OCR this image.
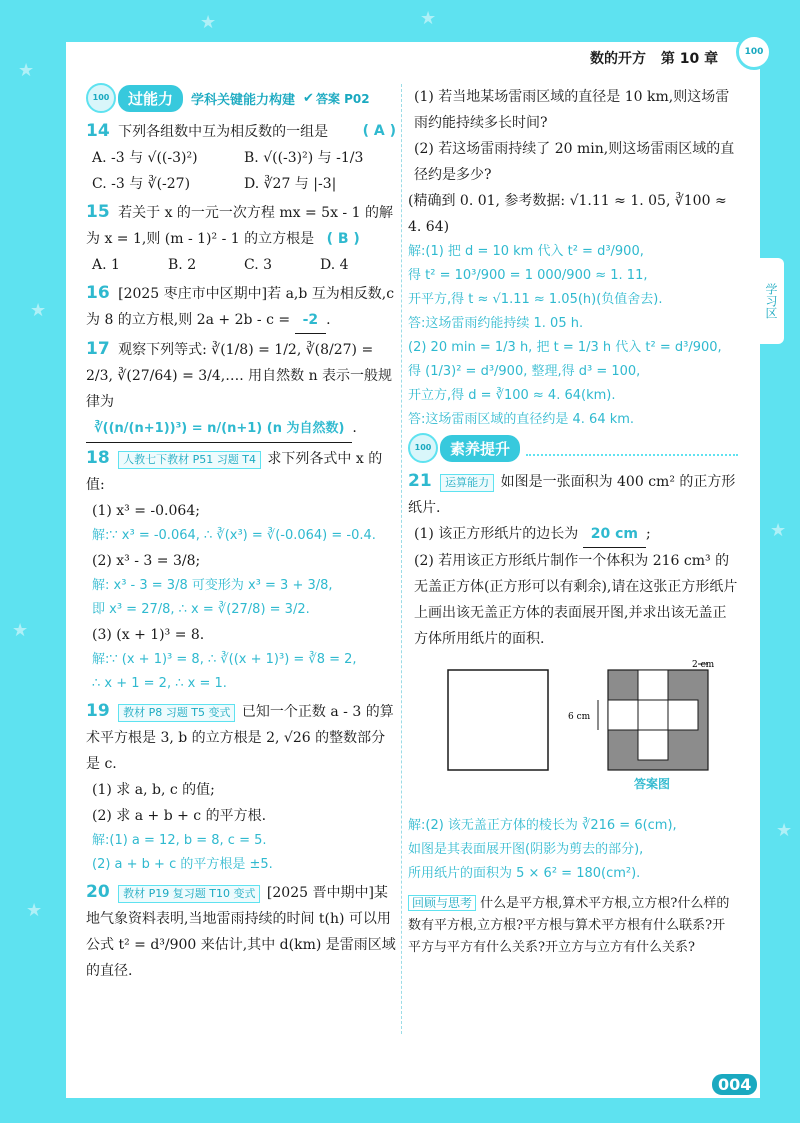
★
★
★
★
★	★
★
★
数的开方 第 10 章	100
学习区
100	过能力	学科关键能力构建 ✔ 答案 P02
14 下列各组数中互为相反数的一组是 ( A )
A. -3 与 √((-3)²)	B. √((-3)²) 与 -1/3
C. -3 与 ∛(-27)	D. ∛27 与 |-3|
15 若关于 x 的一元一次方程 mx = 5x - 1 的解为 x = 1,则 (m - 1)² - 1 的立方根是 ( B )
A. 1	B. 2	C. 3	D. 4
16 [2025 枣庄市中区期中]若 a,b 互为相反数,c 为 8 的立方根,则 2a + 2b - c = -2 .
17 观察下列等式: ∛(1/8) = 1/2, ∛(8/27) = 2/3, ∛(27/64) = 3/4,…. 用自然数 n 表示一般规律为
∛((n/(n+1))³) = n/(n+1) (n 为自然数) .
18 人教七下教材 P51 习题 T4 求下列各式中 x 的值:
(1) x³ = -0.064;
解:∵ x³ = -0.064, ∴ ∛(x³) = ∛(-0.064) = -0.4.
(2) x³ - 3 = 3/8;
解: x³ - 3 = 3/8 可变形为 x³ = 3 + 3/8,
即 x³ = 27/8, ∴ x = ∛(27/8) = 3/2.
(3) (x + 1)³ = 8.
解:∵ (x + 1)³ = 8, ∴ ∛((x + 1)³) = ∛8 = 2,
∴ x + 1 = 2, ∴ x = 1.
19 教材 P8 习题 T5 变式 已知一个正数 a - 3 的算术平方根是 3, b 的立方根是 2, √26 的整数部分是 c.
(1) 求 a, b, c 的值;
(2) 求 a + b + c 的平方根.
解:(1) a = 12, b = 8, c = 5.
(2) a + b + c 的平方根是 ±5.
20 教材 P19 复习题 T10 变式 [2025 晋中期中]某地气象资料表明,当地雷雨持续的时间 t(h) 可以用公式 t² = d³/900 来估计,其中 d(km) 是雷雨区域的直径.
(1) 若当地某场雷雨区域的直径是 10 km,则这场雷雨约能持续多长时间?
(2) 若这场雷雨持续了 20 min,则这场雷雨区域的直径约是多少?
(精确到 0. 01, 参考数据: √1.11 ≈ 1. 05, ∛100 ≈ 4. 64)
解:(1) 把 d = 10 km 代入 t² = d³/900,
得 t² = 10³/900 = 1 000/900 ≈ 1. 11,
开平方,得 t ≈ √1.11 ≈ 1.05(h)(负值舍去).
答:这场雷雨约能持续 1. 05 h.
(2) 20 min = 1/3 h, 把 t = 1/3 h 代入 t² = d³/900,
得 (1/3)² = d³/900, 整理,得 d³ = 100,
开立方,得 d = ∛100 ≈ 4. 64(km).
答:这场雷雨区域的直径约是 4. 64 km.
100	素养提升
21 运算能力 如图是一张面积为 400 cm² 的正方形纸片.
(1) 该正方形纸片的边长为 20 cm ;
(2) 若用该正方形纸片制作一个体积为 216 cm³ 的无盖正方体(正方形可以有剩余),请在这张正方形纸片上画出该无盖正方体的表面展开图,并求出该无盖正方体所用纸片的面积.
2 cm
6 cm
答案图
解:(2) 该无盖正方体的棱长为 ∛216 = 6(cm),
如图是其表面展开图(阴影为剪去的部分),
所用纸片的面积为 5 × 6² = 180(cm²).
回顾与思考 什么是平方根,算术平方根,立方根?什么样的数有平方根,立方根?平方根与算术平方根有什么联系?开平方与平方有什么关系?开立方与立方有什么关系?
七数人教版
下册教案分册 004
